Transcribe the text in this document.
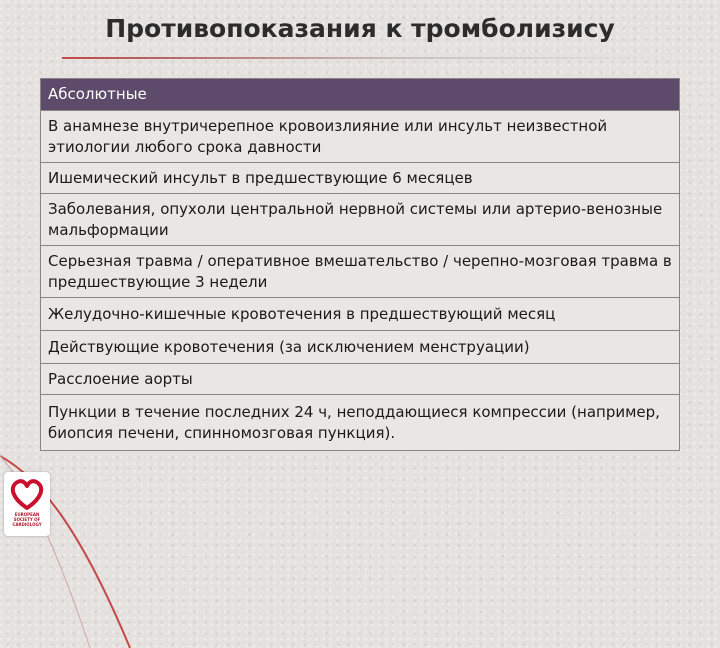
Противопоказания к тромболизису
Абсолютные
В анамнезе внутричерепное кровоизлияние или инсульт неизвестной этиологии любого срока давности
Ишемический инсульт в предшествующие 6 месяцев
Заболевания, опухоли центральной нервной системы или артерио-венозные мальформации
Серьезная травма / оперативное вмешательство / черепно-мозговая травма в предшествующие 3 недели
Желудочно-кишечные кровотечения в предшествующий месяц
Действующие кровотечения (за исключением менструации)
Расслоение аорты
Пункции в течение последних 24 ч, неподдающиеся компрессии (например, биопсия печени, спинномозговая пункция).
EUROPEAN
SOCIETY OF
CARDIOLOGY
